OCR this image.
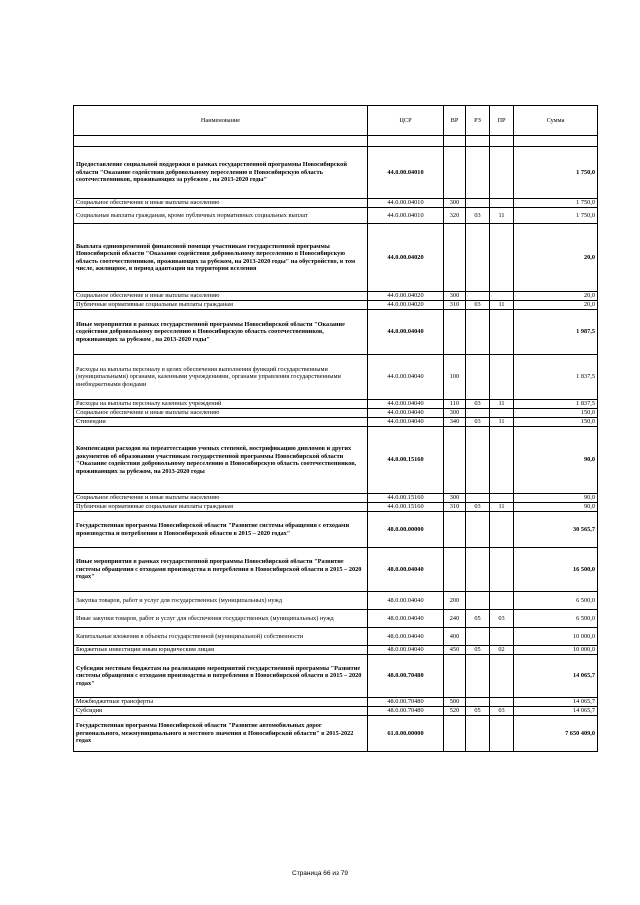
Наименование	ЦСР	ВР	РЗ	ПР	Сумма

Предоставление социальной поддержки в рамках государственной программы Новосибирской области "Оказание содействия добровольному переселению в Новосибирскую область соотечественников, проживающих за рубежом , на 2013-2020 годы"	44.0.00.04010				1 750,0
Социальное обеспечение и иные выплаты населению	44.0.00.04010	300			1 750,0
Социальные выплаты гражданам, кроме публичных нормативных социальных выплат	44.0.00.04010	320	03	11	1 750,0
Выплата единовременной финансовой помощи участникам государственной программы Новосибирской области "Оказание содействия добровольному переселению в Новосибирскую область соотечественников, проживающих за рубежом, на 2013-2020 годы" на обустройство, в том числе, жилищное, в период адаптации на территории вселения	44.0.00.04020				20,0
Социальное обеспечение и иные выплаты населению	44.0.00.04020	300			20,0
Публичные нормативные социальные выплаты гражданам	44.0.00.04020	310	03	11	20,0
Иные мероприятия в рамках государственной программы Новосибирской области "Оказание содействия добровольному переселению в Новосибирскую область соотечественников, проживающих за рубежом , на 2013-2020 годы"	44.0.00.04040				1 987,5
Расходы на выплаты персоналу в целях обеспечения выполнения функций государственными (муниципальными) органами, казенными учреждениями, органами управления государственными внебюджетными фондами	44.0.00.04040	100			1 837,5
Расходы на выплаты персоналу казенных учреждений	44.0.00.04040	110	03	11	1 837,5
Социальное обеспечение и иные выплаты населению	44.0.00.04040	300			150,0
Стипендии	44.0.00.04040	340	03	11	150,0
Компенсация расходов на переаттестацию ученых степеней, нострификацию дипломов и других документов об образовании участникам государственной программы Новосибирской области "Оказание содействия добровольному переселению в Новосибирскую область соотечественников, проживающих за рубежом, на 2013-2020 годы	44.0.00.15160				90,0
Социальное обеспечение и иные выплаты населению	44.0.00.15160	300			90,0
Публичные нормативные социальные выплаты гражданам	44.0.00.15160	310	03	11	90,0
Государственная программа Новосибирской области "Развитие системы обращения с отходами производства и потребления в Новосибирской области в 2015 – 2020 годах"	48.0.00.00000				30 565,7
Иные мероприятия в рамках государственной программы Новосибирской области "Развитие системы обращения с отходами производства и потребления в Новосибирской области в 2015 – 2020 годах"	48.0.00.04040				16 500,0
Закупка товаров, работ и услуг для государственных (муниципальных) нужд	48.0.00.04040	200			6 500,0
Иные закупки товаров, работ и услуг для обеспечения государственных (муниципальных) нужд	48.0.00.04040	240	05	03	6 500,0
Капитальные вложения в объекты государственной (муниципальной) собственности	48.0.00.04040	400			10 000,0
Бюджетные инвестиции иным юридическим лицам	48.0.00.04040	450	05	02	10 000,0
Субсидии местным бюджетам на реализацию мероприятий государственной программы "Развитие системы обращения с отходами производства и потребления в Новосибирской области в 2015 – 2020 годах"	48.0.00.70480				14 065,7
Межбюджетные трансферты	48.0.00.70480	500			14 065,7
Субсидии	48.0.00.70480	520	05	03	14 065,7
Государственная программа Новосибирской области "Развитие автомобильных дорог регионального, межмуниципального и местного значения в Новосибирской области" в 2015-2022 годах	61.0.00.00000				7 650 409,0
Страница 66 из 79
